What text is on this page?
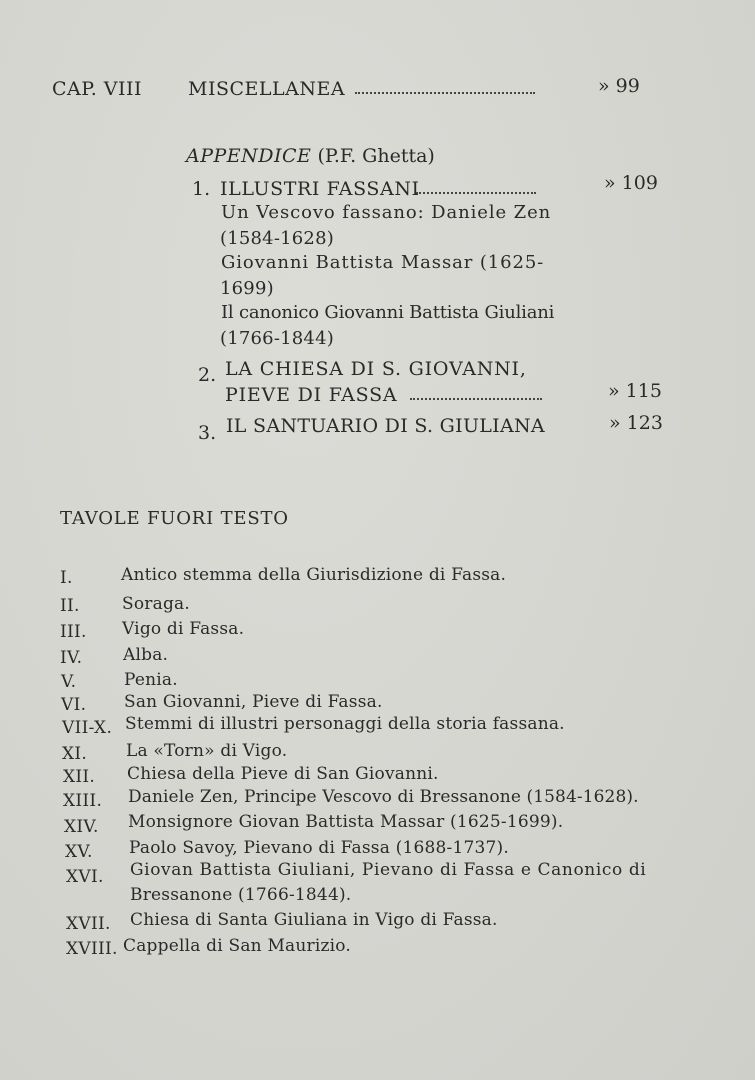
CAP. VIII MISCELLANEA	» 99
APPENDICE (P.F. Ghetta)
1. ILLUSTRI FASSANI	» 109
Un Vescovo fassano: Daniele Zen
(1584-1628)
Giovanni Battista Massar (1625-
1699)
Il canonico Giovanni Battista Giuliani
(1766-1844)
2. LA CHIESA DI S. GIOVANNI,
PIEVE DI FASSA	» 115
3. IL SANTUARIO DI S. GIULIANA	» 123
TAVOLE FUORI TESTO
I.	Antico stemma della Giurisdizione di Fassa.
II. Soraga.
III. Vigo di Fassa.
IV. Alba.
V.	Penia.
VI. San Giovanni, Pieve di Fassa.
VII-X. Stemmi di illustri personaggi della storia fassana.
XI. La «Torn» di Vigo.
XII. Chiesa della Pieve di San Giovanni.
XIII. Daniele Zen, Principe Vescovo di Bressanone (1584-1628).
XIV. Monsignore Giovan Battista Massar (1625-1699).
XV. Paolo Savoy, Pievano di Fassa (1688-1737).
XVI. Giovan Battista Giuliani, Pievano di Fassa e Canonico di
Bressanone (1766-1844).
XVII. Chiesa di Santa Giuliana in Vigo di Fassa.
XVIII. Cappella di San Maurizio.
